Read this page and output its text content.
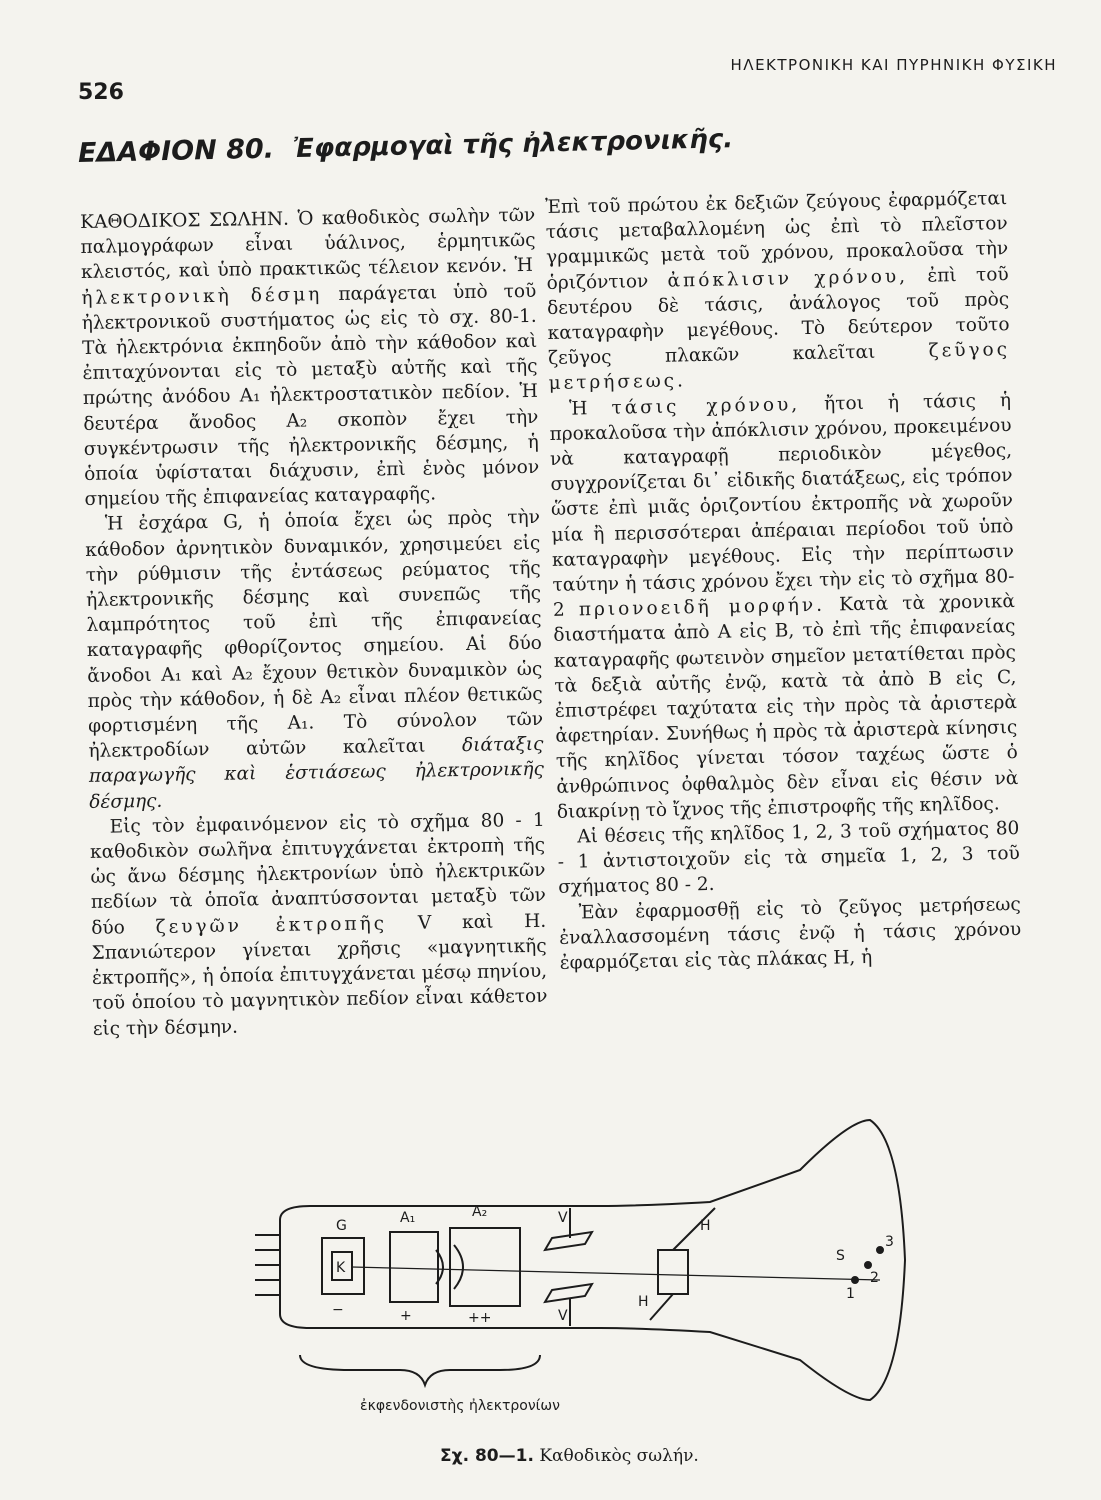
526
ΗΛΕΚΤΡΟΝΙΚΗ ΚΑΙ ΠΥΡΗΝΙΚΗ ΦΥΣΙΚΗ
ΕΔΑΦΙΟΝ 80. Ἐφαρμογαὶ τῆς ἠλεκτρονικῆς.

ΚΑΘΟΔΙΚΟΣ ΣΩΛΗΝ. Ὁ καθοδικὸς σωλὴν τῶν παλμογράφων εἶναι ὑάλινος, ἑρμητικῶς κλειστός, καὶ ὑπὸ πρακτικῶς τέλειον κενόν. Ἡ ἠλεκτρονικὴ δέσμη παράγεται ὑπὸ τοῦ ἠλεκτρονικοῦ συστήματος ὡς εἰς τὸ σχ. 80-1. Τὰ ἠλεκτρόνια ἐκπηδοῦν ἀπὸ τὴν κάθοδον καὶ ἐπιταχύνονται εἰς τὸ μεταξὺ αὐτῆς καὶ τῆς πρώτης ἀνόδου Α₁ ἠλεκτροστατικὸν πεδίον. Ἡ δευτέρα ἄνοδος Α₂ σκοπὸν ἔχει τὴν συγκέντρωσιν τῆς ἠλεκτρονικῆς δέσμης, ἡ ὁποία ὑφίσταται διάχυσιν, ἐπὶ ἑνὸς μόνον σημείου τῆς ἐπιφανείας καταγραφῆς.

Ἡ ἐσχάρα G, ἡ ὁποία ἔχει ὡς πρὸς τὴν κάθοδον ἀρνητικὸν δυναμικόν, χρησιμεύει εἰς τὴν ρύθμισιν τῆς ἐντάσεως ρεύματος τῆς ἠλεκτρονικῆς δέσμης καὶ συνεπῶς τῆς λαμπρότητος τοῦ ἐπὶ τῆς ἐπιφανείας καταγραφῆς φθορίζοντος σημείου. Αἱ δύο ἄνοδοι Α₁ καὶ Α₂ ἔχουν θετικὸν δυναμικὸν ὡς πρὸς τὴν κάθοδον, ἡ δὲ Α₂ εἶναι πλέον θετικῶς φορτισμένη τῆς Α₁. Τὸ σύνολον τῶν ἠλεκτροδίων αὐτῶν καλεῖται διάταξις παραγωγῆς καὶ ἑστιάσεως ἠλεκτρονικῆς δέσμης.

Εἰς τὸν ἐμφαινόμενον εἰς τὸ σχῆμα 80 - 1 καθοδικὸν σωλῆνα ἐπιτυγχάνεται ἐκτροπὴ τῆς ὡς ἄνω δέσμης ἠλεκτρονίων ὑπὸ ἠλεκτρικῶν πεδίων τὰ ὁποῖα ἀναπτύσσονται μεταξὺ τῶν δύο ζευγῶν ἐκτροπῆς V καὶ Η. Σπανιώτερον γίνεται χρῆσις «μαγνητικῆς ἐκτροπῆς», ἡ ὁποία ἐπιτυγχάνεται μέσῳ πηνίου, τοῦ ὁποίου τὸ μαγνητικὸν πεδίον εἶναι κάθετον εἰς τὴν δέσμην.

Ἐπὶ τοῦ πρώτου ἐκ δεξιῶν ζεύγους ἐφαρμόζεται τάσις μεταβαλλομένη ὡς ἐπὶ τὸ πλεῖστον γραμμικῶς μετὰ τοῦ χρόνου, προκαλοῦσα τὴν ὁριζόντιον ἀπόκλισιν χρόνου, ἐπὶ τοῦ δευτέρου δὲ τάσις, ἀνάλογος τοῦ πρὸς καταγραφὴν μεγέθους. Τὸ δεύτερον τοῦτο ζεῦγος πλακῶν καλεῖται	ζεῦγος μετρήσεως.

Ἡ τάσις χρόνου, ἤτοι ἡ τάσις ἡ προκαλοῦσα τὴν ἀπόκλισιν χρόνου, προκειμένου νὰ καταγραφῇ περιοδικὸν μέγεθος, συγχρονίζεται δι᾽ εἰδικῆς διατάξεως, εἰς τρόπον ὥστε ἐπὶ μιᾶς ὁριζοντίου ἐκτροπῆς νὰ χωροῦν μία ἢ περισσότεραι ἀπέραιαι περίοδοι τοῦ ὑπὸ καταγραφὴν μεγέθους. Εἰς τὴν περίπτωσιν ταύτην ἡ τάσις χρόνου ἔχει τὴν εἰς τὸ σχῆμα 80-2 πριονοειδῆ μορφήν. Κατὰ τὰ χρονικὰ διαστήματα ἀπὸ Α εἰς Β, τὸ ἐπὶ τῆς ἐπιφανείας καταγραφῆς φωτεινὸν σημεῖον μετατίθεται πρὸς τὰ δεξιὰ αὐτῆς ἐνῷ, κατὰ τὰ ἀπὸ Β εἰς C, ἐπιστρέφει ταχύτατα εἰς τὴν πρὸς τὰ ἀριστερὰ ἀφετηρίαν. Συνήθως ἡ πρὸς τὰ ἀριστερὰ κίνησις τῆς κηλῖδος γίνεται τόσον ταχέως ὥστε ὁ ἀνθρώπινος ὀφθαλμὸς δὲν εἶναι εἰς θέσιν νὰ διακρίνῃ τὸ ἴχνος τῆς ἐπιστροφῆς τῆς κηλῖδος.

Αἱ θέσεις τῆς κηλῖδος 1, 2, 3 τοῦ σχήματος 80 - 1 ἀντιστοιχοῦν εἰς τὰ σημεῖα 1, 2, 3 τοῦ σχήματος 80 - 2.

Ἐὰν ἐφαρμοσθῇ εἰς τὸ ζεῦγος μετρήσεως ἐναλλασσομένη τάσις ἐνῷ ἡ τάσις χρόνου ἐφαρμόζεται εἰς τὰς πλάκας Η, ἡ

G
K
A₁	A₂	V
V
H
H
S
1
2
3
−	+	++
ἐκφενδονιστὴς ἠλεκτρονίων
Σχ. 80—1. Καθοδικὸς σωλήν.
